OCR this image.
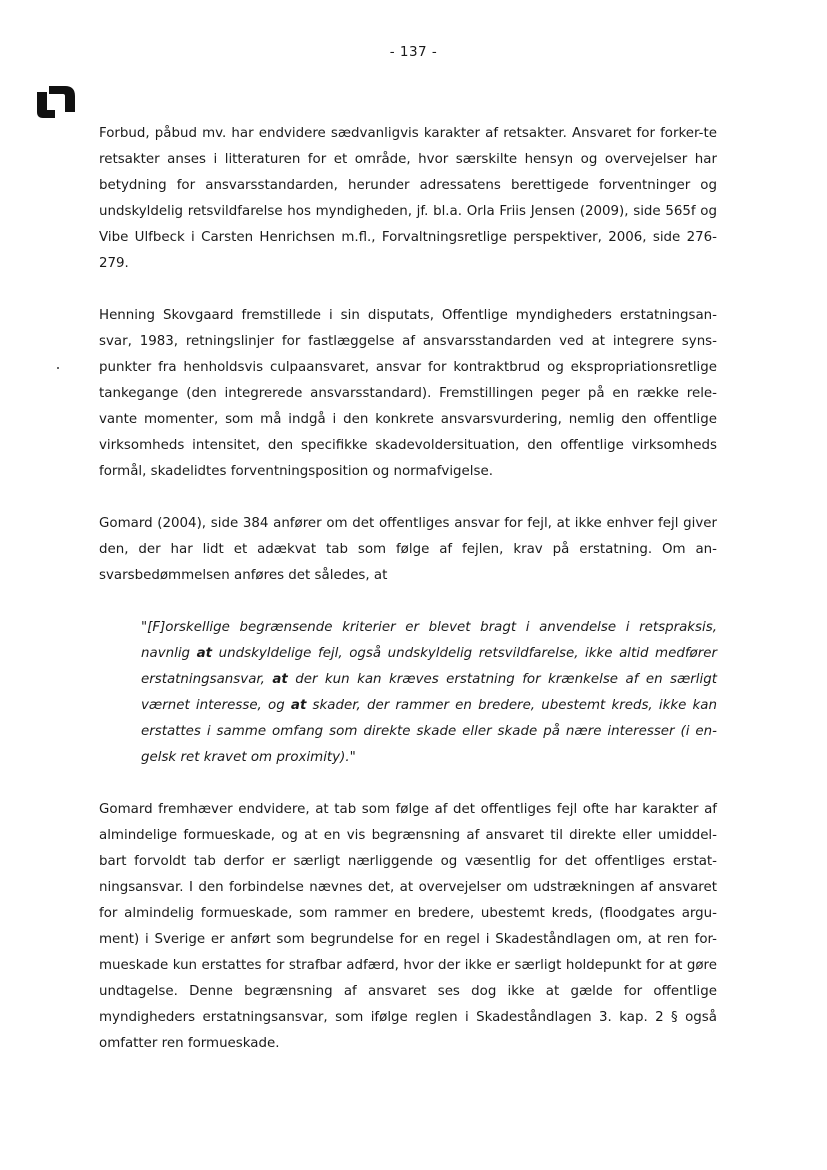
- 137 -

Forbud, påbud mv. har endvidere sædvanligvis karakter af retsakter. Ansvaret for forker-te retsakter anses i litteraturen for et område, hvor særskilte hensyn og overvejelser har betydning for ansvarsstandarden, herunder adressatens berettigede forventninger og undskyldelig retsvildfarelse hos myndigheden, jf. bl.a. Orla Friis Jensen (2009), side 565f og Vibe Ulfbeck i Carsten Henrichsen m.fl., Forvaltningsretlige perspektiver, 2006, side 276-279.

Henning Skovgaard fremstillede i sin disputats, Offentlige myndigheders erstatningsan-svar, 1983, retningslinjer for fastlæggelse af ansvarsstandarden ved at integrere syns-punkter fra henholdsvis culpaansvaret, ansvar for kontraktbrud og ekspropriationsretlige tankegange (den integrerede ansvarsstandard). Fremstillingen peger på en række rele-vante momenter, som må indgå i den konkrete ansvarsvurdering, nemlig den offentlige virksomheds intensitet, den specifikke skadevoldersituation, den offentlige virksomheds formål, skadelidtes forventningsposition og normafvigelse.

Gomard (2004), side 384 anfører om det offentliges ansvar for fejl, at ikke enhver fejl giver den, der har lidt et adækvat tab som følge af fejlen, krav på erstatning. Om an-svarsbedømmelsen anføres det således, at

"[F]orskellige begrænsende kriterier er blevet bragt i anvendelse i retspraksis, navnlig at undskyldelige fejl, også undskyldelig retsvildfarelse, ikke altid medfører erstatningsansvar, at der kun kan kræves erstatning for krænkelse af en særligt værnet interesse, og at skader, der rammer en bredere, ubestemt kreds, ikke kan erstattes i samme omfang som direkte skade eller skade på nære interesser (i en-gelsk ret kravet om proximity)."

Gomard fremhæver endvidere, at tab som følge af det offentliges fejl ofte har karakter af almindelige formueskade, og at en vis begrænsning af ansvaret til direkte eller umiddel-bart forvoldt tab derfor er særligt nærliggende og væsentlig for det offentliges erstat-ningsansvar. I den forbindelse nævnes det, at overvejelser om udstrækningen af ansvaret for almindelig formueskade, som rammer en bredere, ubestemt kreds, (floodgates argu-ment) i Sverige er anført som begrundelse for en regel i Skadeståndlagen om, at ren for-mueskade kun erstattes for strafbar adfærd, hvor der ikke er særligt holdepunkt for at gøre undtagelse. Denne begrænsning af ansvaret ses dog ikke at gælde for offentlige myndigheders erstatningsansvar, som ifølge reglen i Skadeståndlagen 3. kap. 2 § også omfatter ren formueskade.
